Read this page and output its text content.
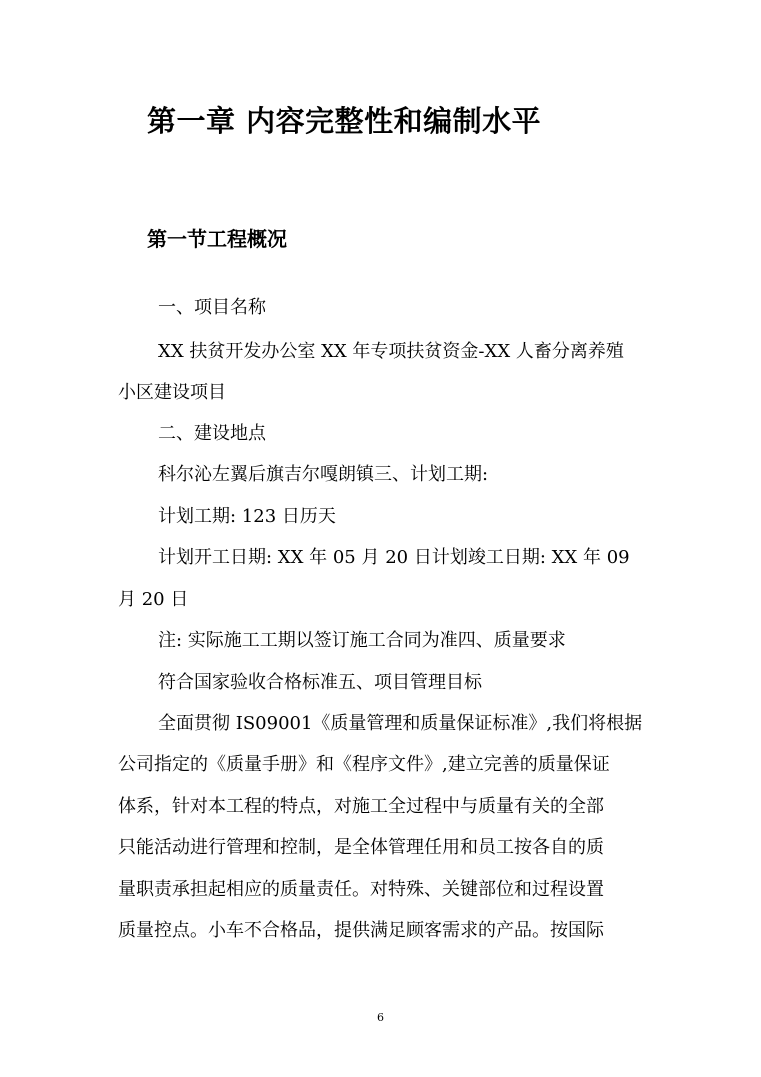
第一章 内容完整性和编制水平
第一节工程概况
一、项目名称
XX 扶贫开发办公室 XX 年专项扶贫资金-XX 人畜分离养殖
小区建设项目
二、建设地点
科尔沁左翼后旗吉尔嘎朗镇三、计划工期:
计划工期: 123 日历天
计划开工日期: XX 年 05 月 20 日计划竣工日期: XX 年 09
月 20 日
注: 实际施工工期以签订施工合同为准四、质量要求
符合国家验收合格标准五、项目管理目标
全面贯彻 IS09001《质量管理和质量保证标准》,我们将根据
公司指定的《质量手册》和《程序文件》,建立完善的质量保证
体系，针对本工程的特点，对施工全过程中与质量有关的全部
只能活动进行管理和控制，是全体管理任用和员工按各自的质
量职责承担起相应的质量责任。对特殊、关键部位和过程设置
质量控点。小车不合格品，提供满足顾客需求的产品。按国际
6
